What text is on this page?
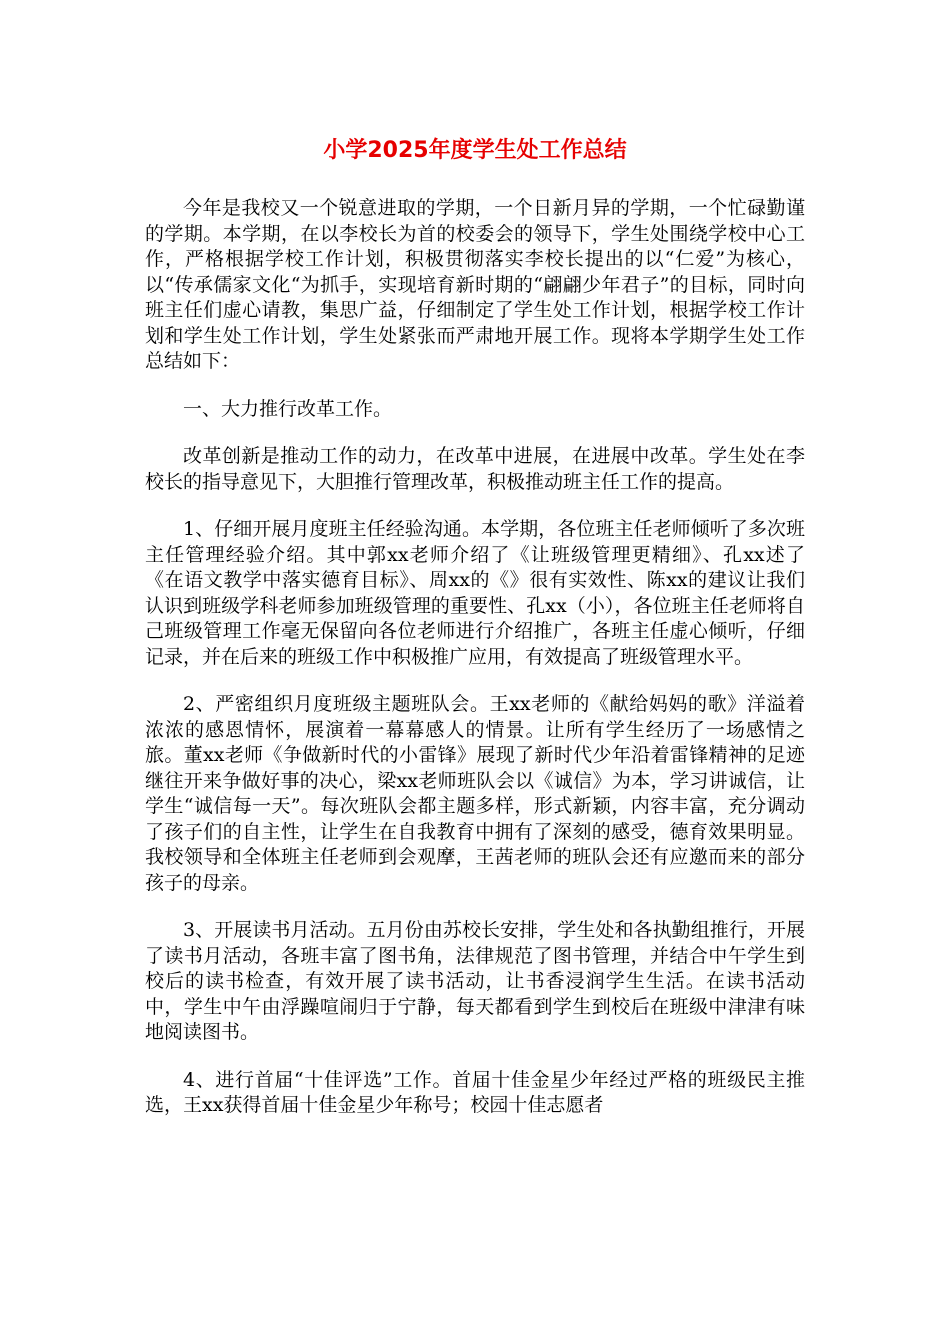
小学2025年度学生处工作总结

今年是我校又一个锐意进取的学期，一个日新月异的学期，一个忙碌勤谨的学期。本学期，在以李校长为首的校委会的领导下，学生处围绕学校中心工作，严格根据学校工作计划，积极贯彻落实李校长提出的以“仁爱”为核心，以“传承儒家文化“为抓手，实现培育新时期的“翩翩少年君子”的目标，同时向班主任们虚心请教，集思广益，仔细制定了学生处工作计划，根据学校工作计划和学生处工作计划，学生处紧张而严肃地开展工作。现将本学期学生处工作总结如下：

一、大力推行改革工作。

改革创新是推动工作的动力，在改革中进展，在进展中改革。学生处在李校长的指导意见下，大胆推行管理改革，积极推动班主任工作的提高。

1、仔细开展月度班主任经验沟通。本学期，各位班主任老师倾听了多次班主任管理经验介绍。其中郭xx老师介绍了《让班级管理更精细》、孔xx述了《在语文教学中落实德育目标》、周xx的《》很有实效性、陈xx的建议让我们认识到班级学科老师参加班级管理的重要性、孔xx（小），各位班主任老师将自己班级管理工作毫无保留向各位老师进行介绍推广，各班主任虚心倾听，仔细记录，并在后来的班级工作中积极推广应用，有效提高了班级管理水平。

2、严密组织月度班级主题班队会。王xx老师的《献给妈妈的歌》洋溢着浓浓的感恩情怀，展演着一幕幕感人的情景。让所有学生经历了一场感情之旅。董xx老师《争做新时代的小雷锋》展现了新时代少年沿着雷锋精神的足迹继往开来争做好事的决心，梁xx老师班队会以《诚信》为本，学习讲诚信，让学生“诚信每一天”。每次班队会都主题多样，形式新颖，内容丰富，充分调动了孩子们的自主性，让学生在自我教育中拥有了深刻的感受，德育效果明显。我校领导和全体班主任老师到会观摩，王茜老师的班队会还有应邀而来的部分孩子的母亲。

3、开展读书月活动。五月份由苏校长安排，学生处和各执勤组推行，开展了读书月活动，各班丰富了图书角，法律规范了图书管理，并结合中午学生到校后的读书检查，有效开展了读书活动，让书香浸润学生生活。在读书活动中，学生中午由浮躁喧闹归于宁静，每天都看到学生到校后在班级中津津有味地阅读图书。

4、进行首届“十佳评选”工作。首届十佳金星少年经过严格的班级民主推选，王xx获得首届十佳金星少年称号；校园十佳志愿者
